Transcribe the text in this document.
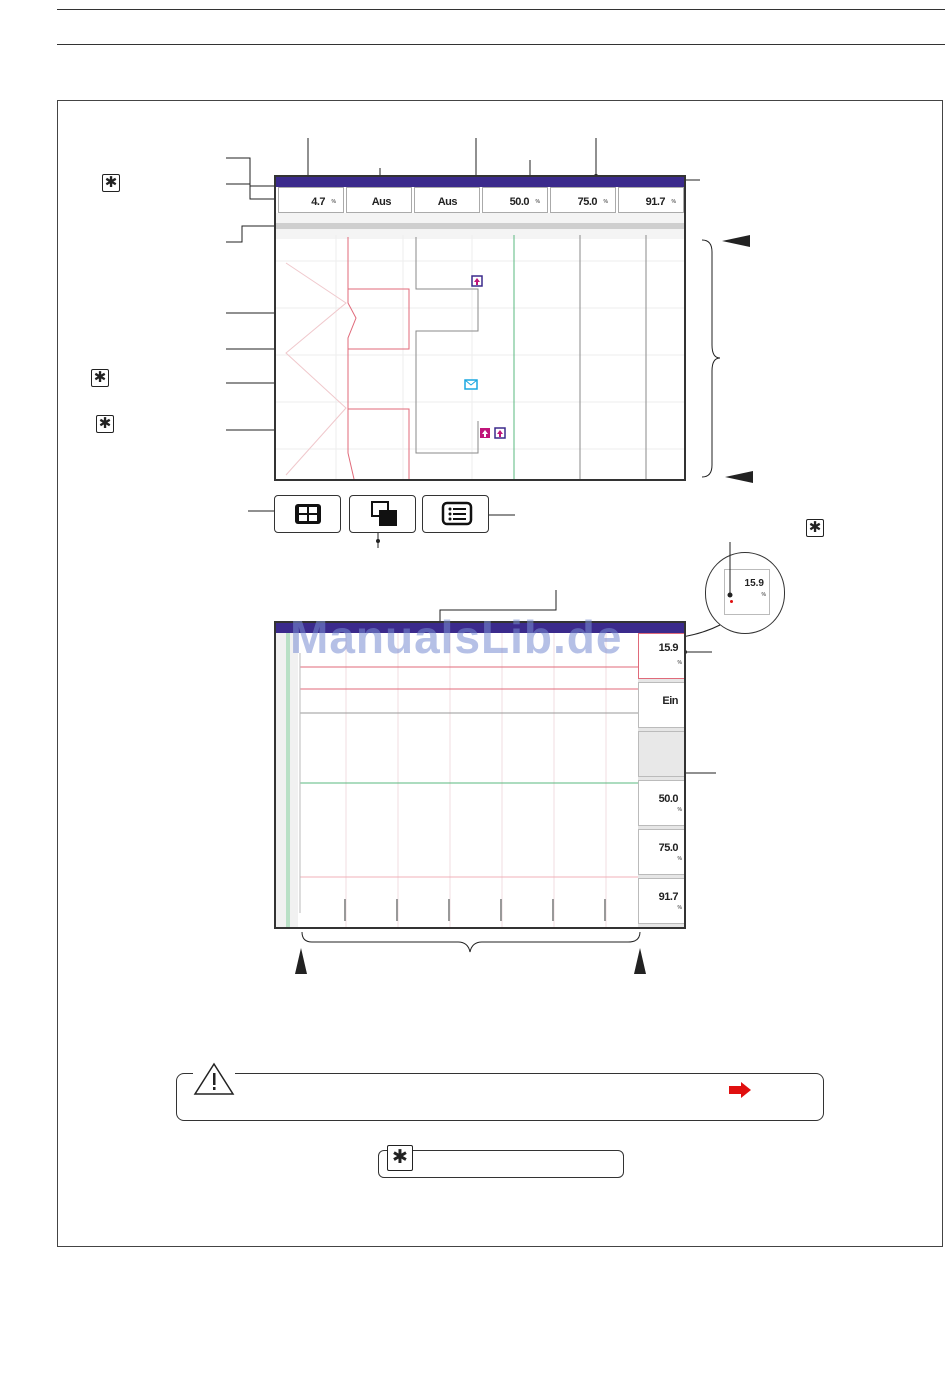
✱
✱
✱
✱
4.7 %	Aus	Aus	50.0 %	75.0 %	91.7 %
15.9
%
15.9
%
Ein
50.0
%
75.0
%
91.7
%
ManualsLib.de
✱
